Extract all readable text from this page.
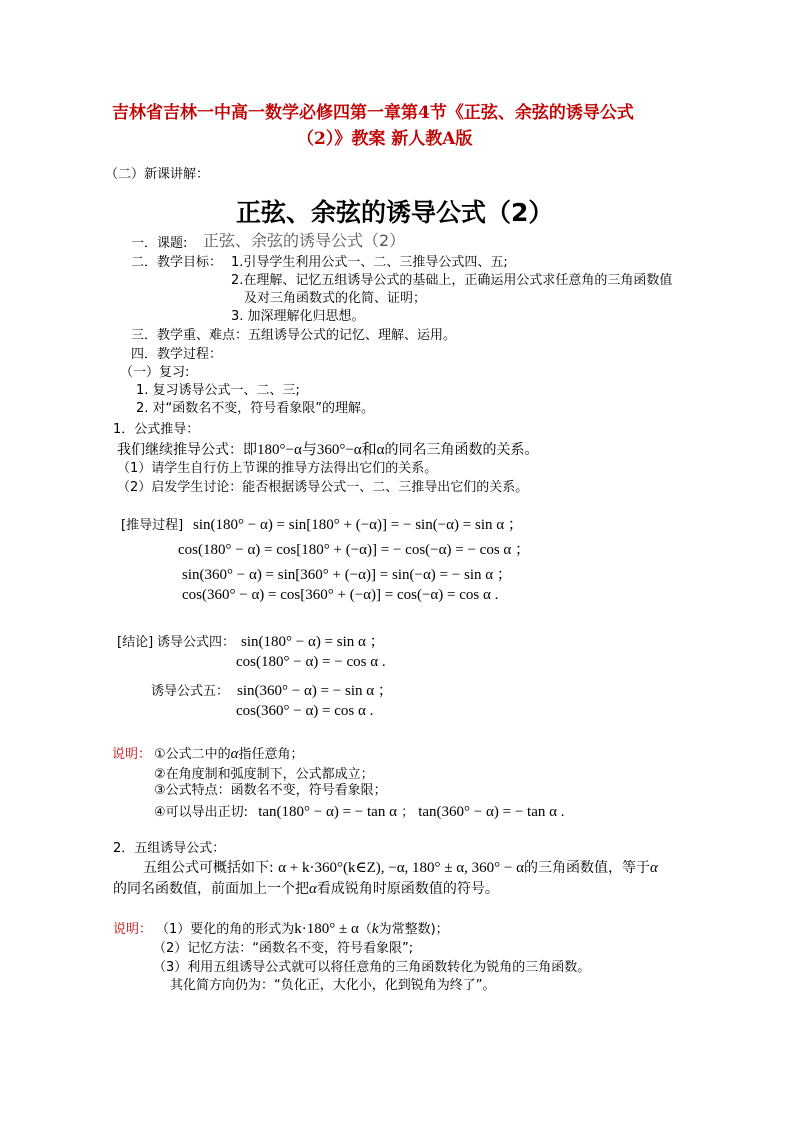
吉林省吉林一中高一数学必修四第一章第4节《正弦、余弦的诱导公式
（2）》教案 新人教A版
（二）新课讲解：
正弦、余弦的诱导公式（2）
一．课题: 正弦、余弦的诱导公式（2）
二．教学目标： 1.引导学生利用公式一、二、三推导公式四、五;
2.在理解、记忆五组诱导公式的基础上，正确运用公式求任意角的三角函数值
及对三角函数式的化简、证明；
3. 加深理解化归思想。
三．教学重、难点：五组诱导公式的记忆、理解、运用。
四．教学过程：
（一）复习:
1. 复习诱导公式一、二、三;
2. 对“函数名不变，符号看象限”的理解。
1．公式推导：
我们继续推导公式：即180°−α与360°−α和α的同名三角函数的关系。
（1）请学生自行仿上节课的推导方法得出它们的关系。
（2）启发学生讨论：能否根据诱导公式一、二、三推导出它们的关系。
[推导过程] sin(180° − α) = sin[180° + (−α)] = − sin(−α) = sin α ；
cos(180° − α) = cos[180° + (−α)] = − cos(−α) = − cos α ；
sin(360° − α) = sin[360° + (−α)] = sin(−α) = − sin α ；
cos(360° − α) = cos[360° + (−α)] = cos(−α) = cos α .
[结论] 诱导公式四： sin(180° − α) = sin α ；
cos(180° − α) = − cos α .
诱导公式五： sin(360° − α) = − sin α ；
cos(360° − α) = cos α .
说明： ①公式二中的α指任意角；
②在角度制和弧度制下，公式都成立；
③公式特点：函数名不变，符号看象限；
④可以导出正切: tan(180° − α) = − tan α ； tan(360° − α) = − tan α .
2．五组诱导公式：
五组公式可概括如下: α + k·360°(k∈Z), −α, 180° ± α, 360° − α的三角函数值，等于α
的同名函数值，前面加上一个把α看成锐角时原函数值的符号。
说明： （1）要化的角的形式为k·180° ± α（k为常整数)；
（2）记忆方法：“函数名不变，符号看象限”;
（3）利用五组诱导公式就可以将任意角的三角函数转化为锐角的三角函数。
其化简方向仍为：“负化正，大化小，化到锐角为终了”。
